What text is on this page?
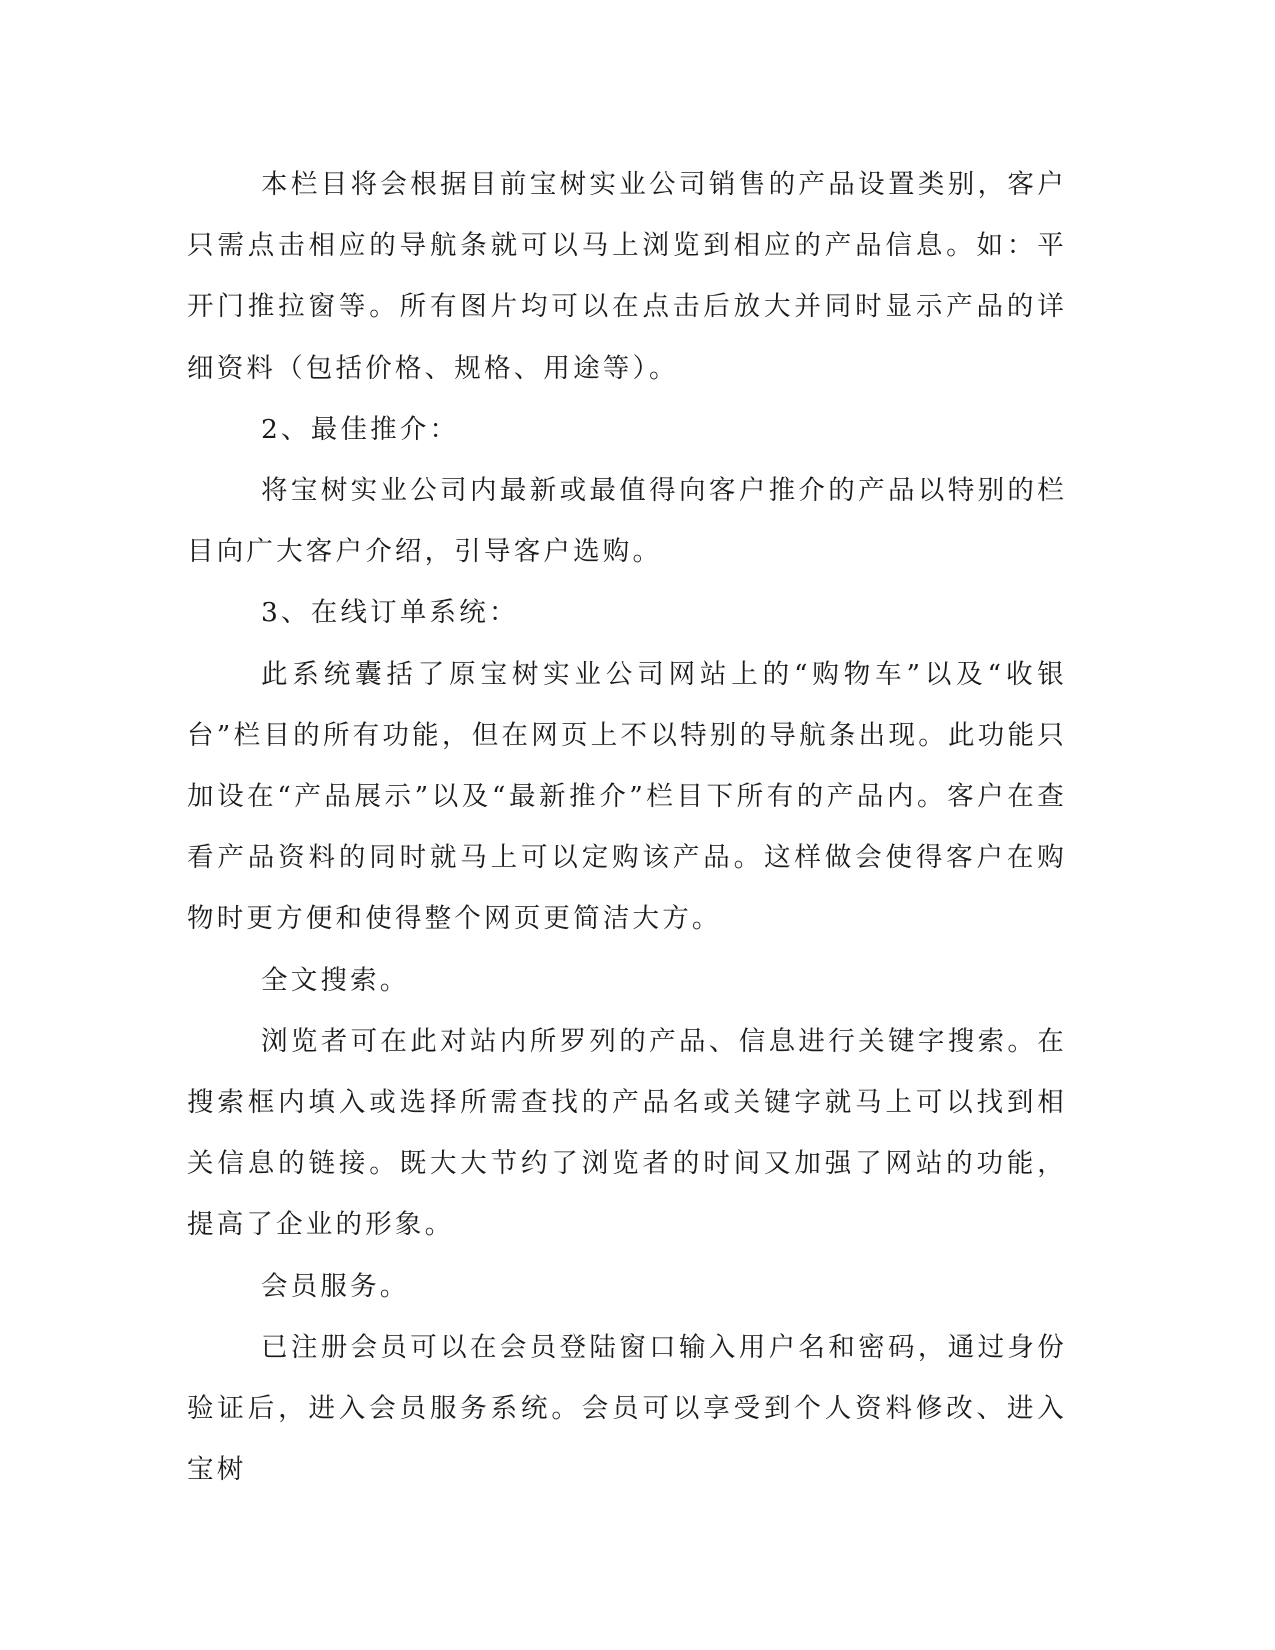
本栏目将会根据目前宝树实业公司销售的产品设置类别，客户只需点击相应的导航条就可以马上浏览到相应的产品信息。如：平开门推拉窗等。所有图片均可以在点击后放大并同时显示产品的详细资料（包括价格、规格、用途等）。

2、最佳推介：

将宝树实业公司内最新或最值得向客户推介的产品以特别的栏目向广大客户介绍，引导客户选购。

3、在线订单系统：

此系统囊括了原宝树实业公司网站上的“购物车”以及“收银台”栏目的所有功能，但在网页上不以特别的导航条出现。此功能只加设在“产品展示”以及“最新推介”栏目下所有的产品内。客户在查看产品资料的同时就马上可以定购该产品。这样做会使得客户在购物时更方便和使得整个网页更简洁大方。

全文搜索。

浏览者可在此对站内所罗列的产品、信息进行关键字搜索。在搜索框内填入或选择所需查找的产品名或关键字就马上可以找到相关信息的链接。既大大节约了浏览者的时间又加强了网站的功能，提高了企业的形象。

会员服务。

已注册会员可以在会员登陆窗口输入用户名和密码，通过身份验证后，进入会员服务系统。会员可以享受到个人资料修改、进入宝树
